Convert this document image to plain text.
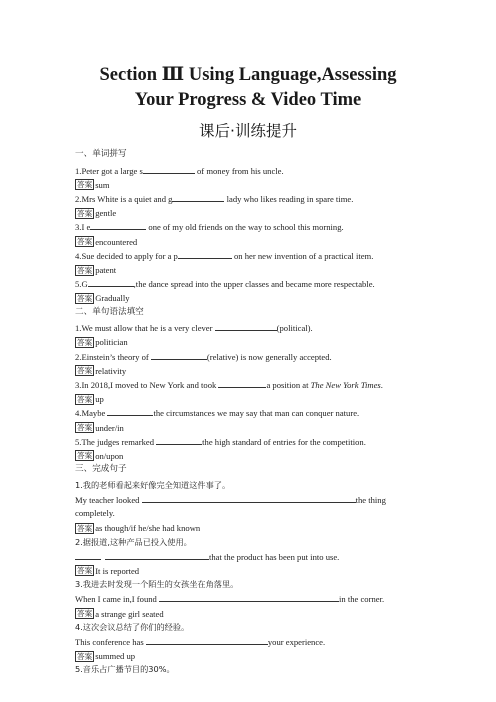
Section Ⅲ Using Language,Assessing
Your Progress & Video Time
课后·训练提升
一、单词拼写
1.Peter got a large s	of money from his uncle.
答案 sum
2.Mrs White is a quiet and g	lady who likes reading in spare time.
答案 gentle
3.I e	one of my old friends on the way to school this morning.
答案 encountered
4.Sue decided to apply for a p	on her new invention of a practical item.
答案 patent
5.G	,the dance spread into the upper classes and became more respectable.
答案 Gradually
二、单句语法填空
1.We must allow that he is a very clever	(political).
答案 politician
2.Einstein’s theory of	(relative) is now generally accepted.
答案 relativity
3.In 2018,I moved to New York and took	a position at The New York Times.
答案 up
4.Maybe	the circumstances we may say that man can conquer nature.
答案 under/in
5.The judges remarked	the high standard of entries for the competition.
答案 on/upon
三、完成句子
1.我的老师看起来好像完全知道这件事了。
My teacher looked	the thing
completely.
答案 as though/if he/she had known
2.据报道,这种产品已投入使用。
that the product has been put into use.
答案 It is reported
3.我进去时发现一个陌生的女孩坐在角落里。
When I came in,I found	in the corner.
答案 a strange girl seated
4.这次会议总结了你们的经验。
This conference has	your experience.
答案 summed up
5.音乐占广播节目的30%。
